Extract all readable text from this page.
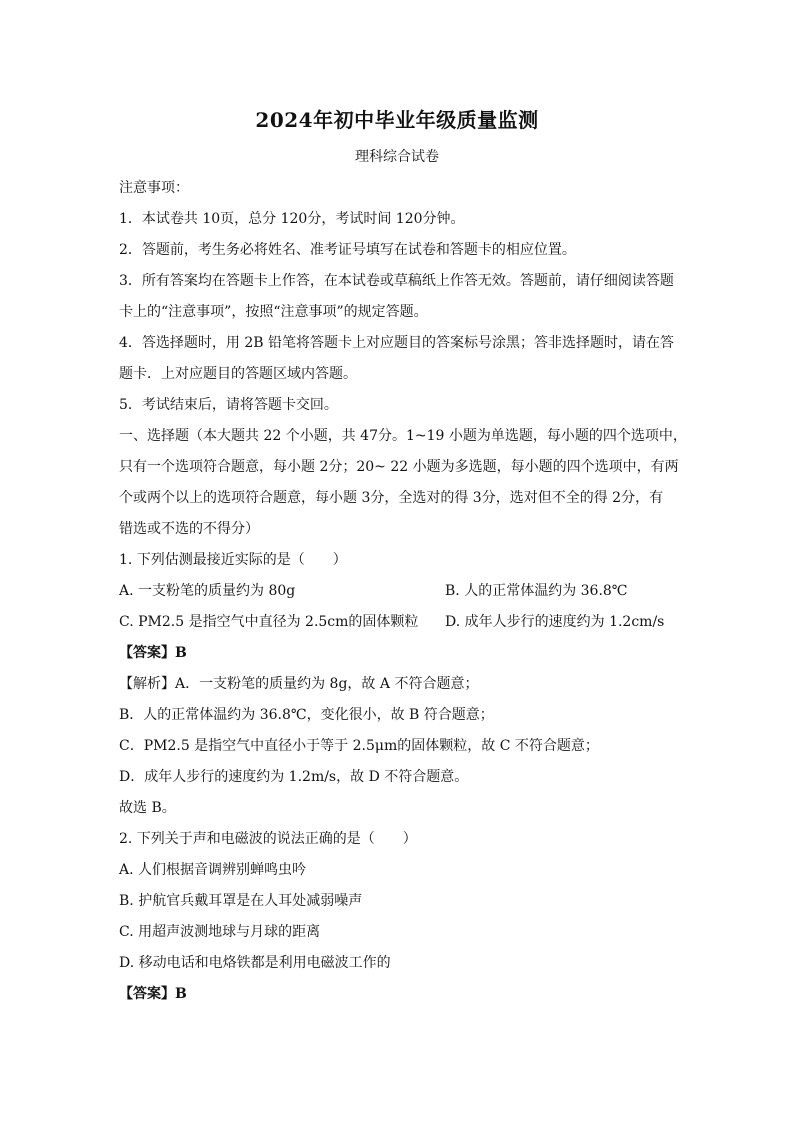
2024年初中毕业年级质量监测
理科综合试卷
注意事项：
1．本试卷共 10页，总分 120分，考试时间 120分钟。
2．答题前，考生务必将姓名、准考证号填写在试卷和答题卡的相应位置。
3．所有答案均在答题卡上作答，在本试卷或草稿纸上作答无效。答题前，请仔细阅读答题
卡上的“注意事项”，按照“注意事项”的规定答题。
4．答选择题时，用 2B 铅笔将答题卡上对应题目的答案标号涂黑；答非选择题时，请在答
题卡．上对应题目的答题区域内答题。
5．考试结束后，请将答题卡交回。
一、选择题（本大题共 22 个小题，共 47分。1~19 小题为单选题，每小题的四个选项中，
只有一个选项符合题意，每小题 2分；20~ 22 小题为多选题，每小题的四个选项中，有两
个或两个以上的选项符合题意，每小题 3分，全选对的得 3分，选对但不全的得 2分，有
错选或不选的不得分）
1. 下列估测最接近实际的是（　　）
A. 一支粉笔的质量约为 80g	B. 人的正常体温约为 36.8℃
C. PM2.5 是指空气中直径为 2.5cm的固体颗粒 D. 成年人步行的速度约为 1.2cm/s
【答案】B
【解析】A．一支粉笔的质量约为 8g，故 A 不符合题意；
B．人的正常体温约为 36.8℃，变化很小，故 B 符合题意；
C．PM2.5 是指空气中直径小于等于 2.5μm的固体颗粒，故 C 不符合题意；
D．成年人步行的速度约为 1.2m/s，故 D 不符合题意。
故选 B。
2. 下列关于声和电磁波的说法正确的是（　　）
A. 人们根据音调辨别蝉鸣虫吟
B. 护航官兵戴耳罩是在人耳处减弱噪声
C. 用超声波测地球与月球的距离
D. 移动电话和电烙铁都是利用电磁波工作的
【答案】B
